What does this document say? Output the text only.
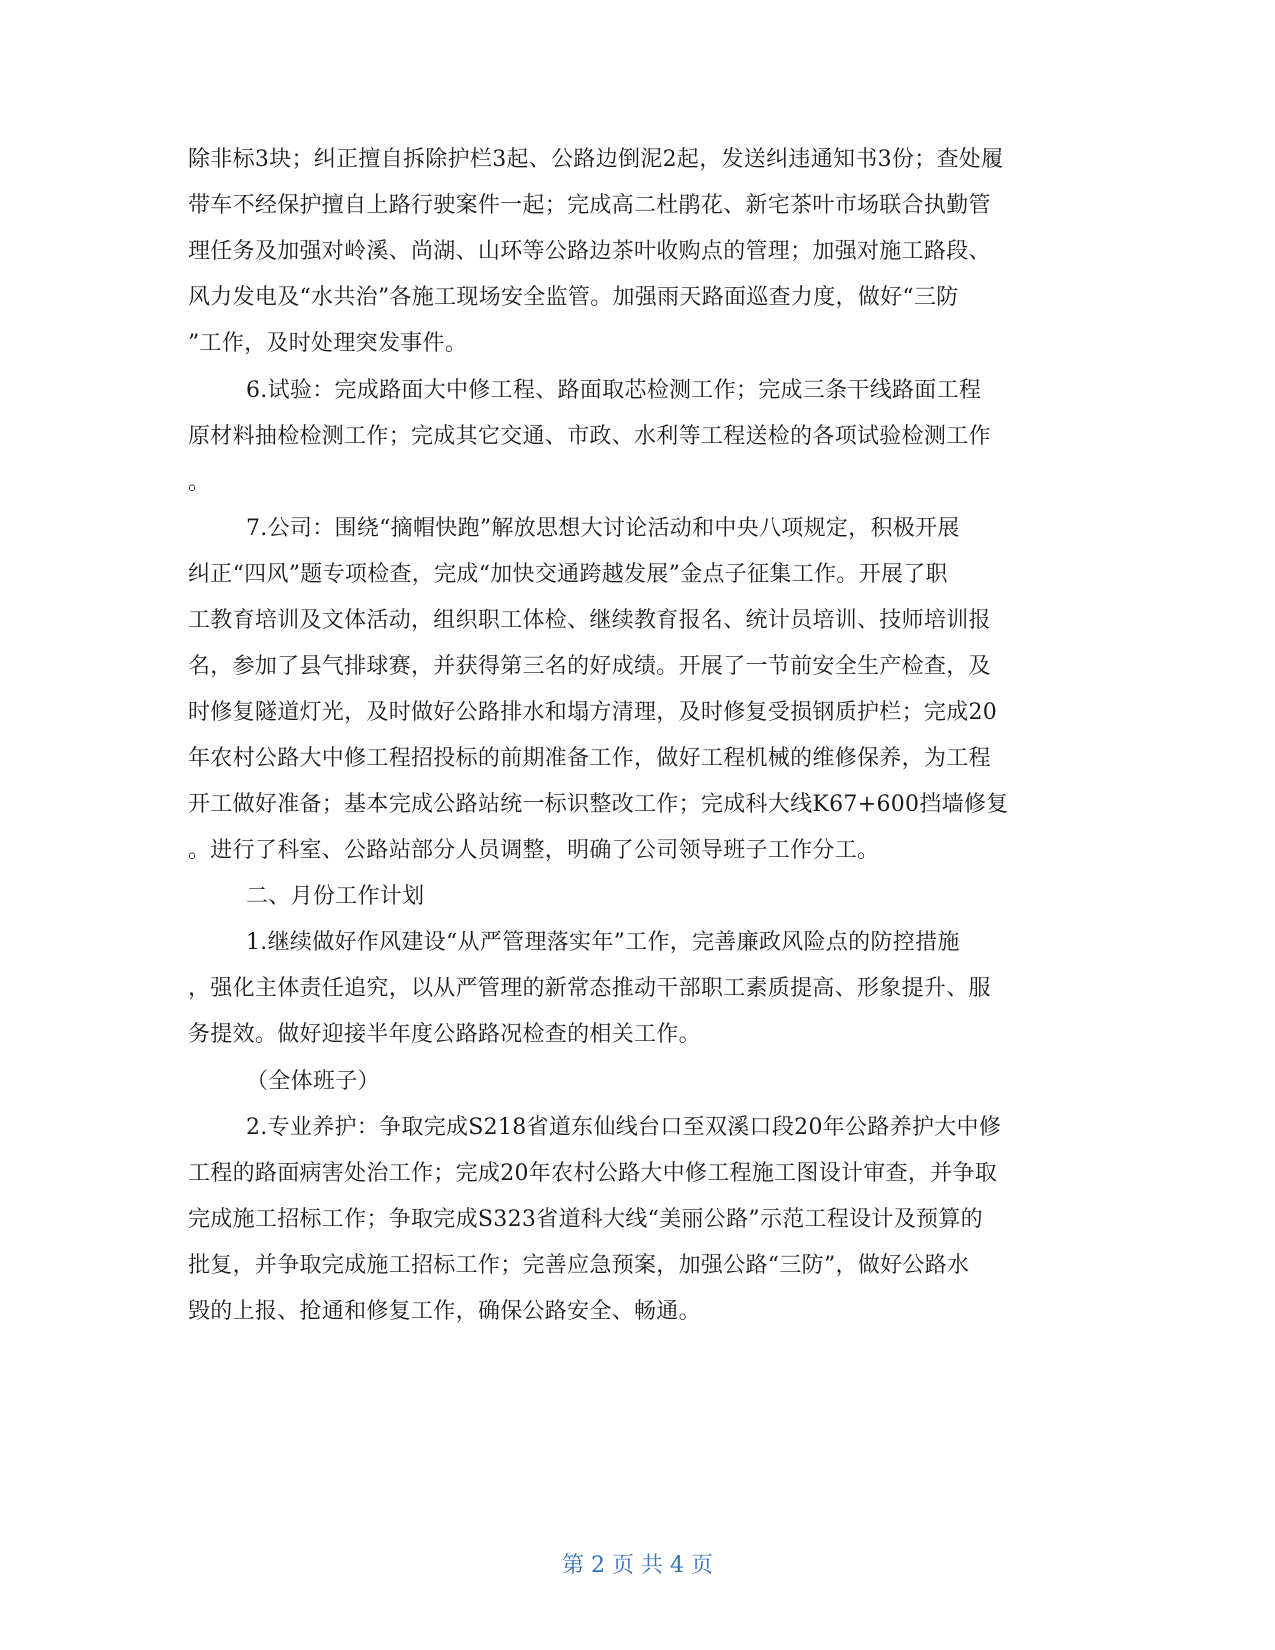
除非标3块；纠正擅自拆除护栏3起、公路边倒泥2起，发送纠违通知书3份；查处履
带车不经保护擅自上路行驶案件一起；完成高二杜鹃花、新宅茶叶市场联合执勤管
理任务及加强对岭溪、尚湖、山环等公路边茶叶收购点的管理；加强对施工路段、
风力发电及“水共治”各施工现场安全监管。加强雨天路面巡查力度，做好“三防
”工作，及时处理突发事件。
6.试验：完成路面大中修工程、路面取芯检测工作；完成三条干线路面工程
原材料抽检检测工作；完成其它交通、市政、水利等工程送检的各项试验检测工作
。
7.公司：围绕“摘帽快跑”解放思想大讨论活动和中央八项规定，积极开展
纠正“四风”题专项检查，完成“加快交通跨越发展”金点子征集工作。开展了职
工教育培训及文体活动，组织职工体检、继续教育报名、统计员培训、技师培训报
名，参加了县气排球赛，并获得第三名的好成绩。开展了一节前安全生产检查，及
时修复隧道灯光，及时做好公路排水和塌方清理，及时修复受损钢质护栏；完成20
年农村公路大中修工程招投标的前期准备工作，做好工程机械的维修保养，为工程
开工做好准备；基本完成公路站统一标识整改工作；完成科大线K67+600挡墙修复
。进行了科室、公路站部分人员调整，明确了公司领导班子工作分工。
二、月份工作计划
1.继续做好作风建设“从严管理落实年”工作，完善廉政风险点的防控措施
，强化主体责任追究，以从严管理的新常态推动干部职工素质提高、形象提升、服
务提效。做好迎接半年度公路路况检查的相关工作。
（全体班子）
2.专业养护：争取完成S218省道东仙线台口至双溪口段20年公路养护大中修
工程的路面病害处治工作；完成20年农村公路大中修工程施工图设计审查，并争取
完成施工招标工作；争取完成S323省道科大线“美丽公路”示范工程设计及预算的
批复，并争取完成施工招标工作；完善应急预案，加强公路“三防”，做好公路水
毁的上报、抢通和修复工作，确保公路安全、畅通。
第 2 页 共 4 页
